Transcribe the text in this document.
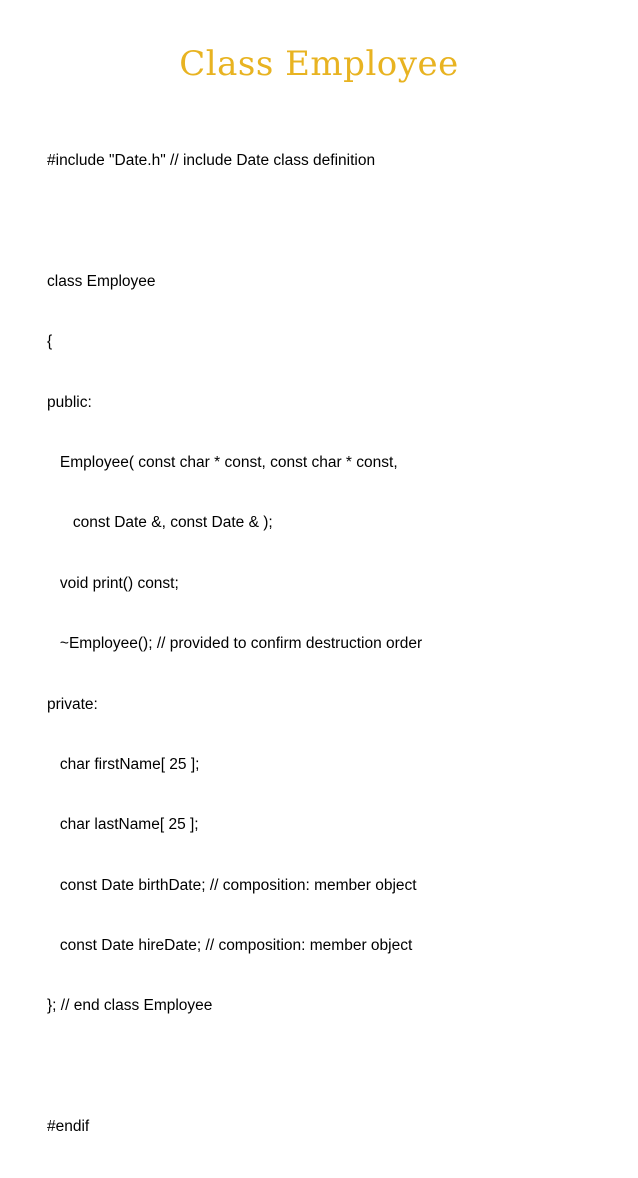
Class Employee

#include "Date.h" // include Date class definition

class Employee

{

public:

Employee( const char * const, const char * const,

const Date &, const Date & );

void print() const;

~Employee(); // provided to confirm destruction order

private:

char firstName[ 25 ];

char lastName[ 25 ];

const Date birthDate; // composition: member object

const Date hireDate; // composition: member object

}; // end class Employee

#endif
